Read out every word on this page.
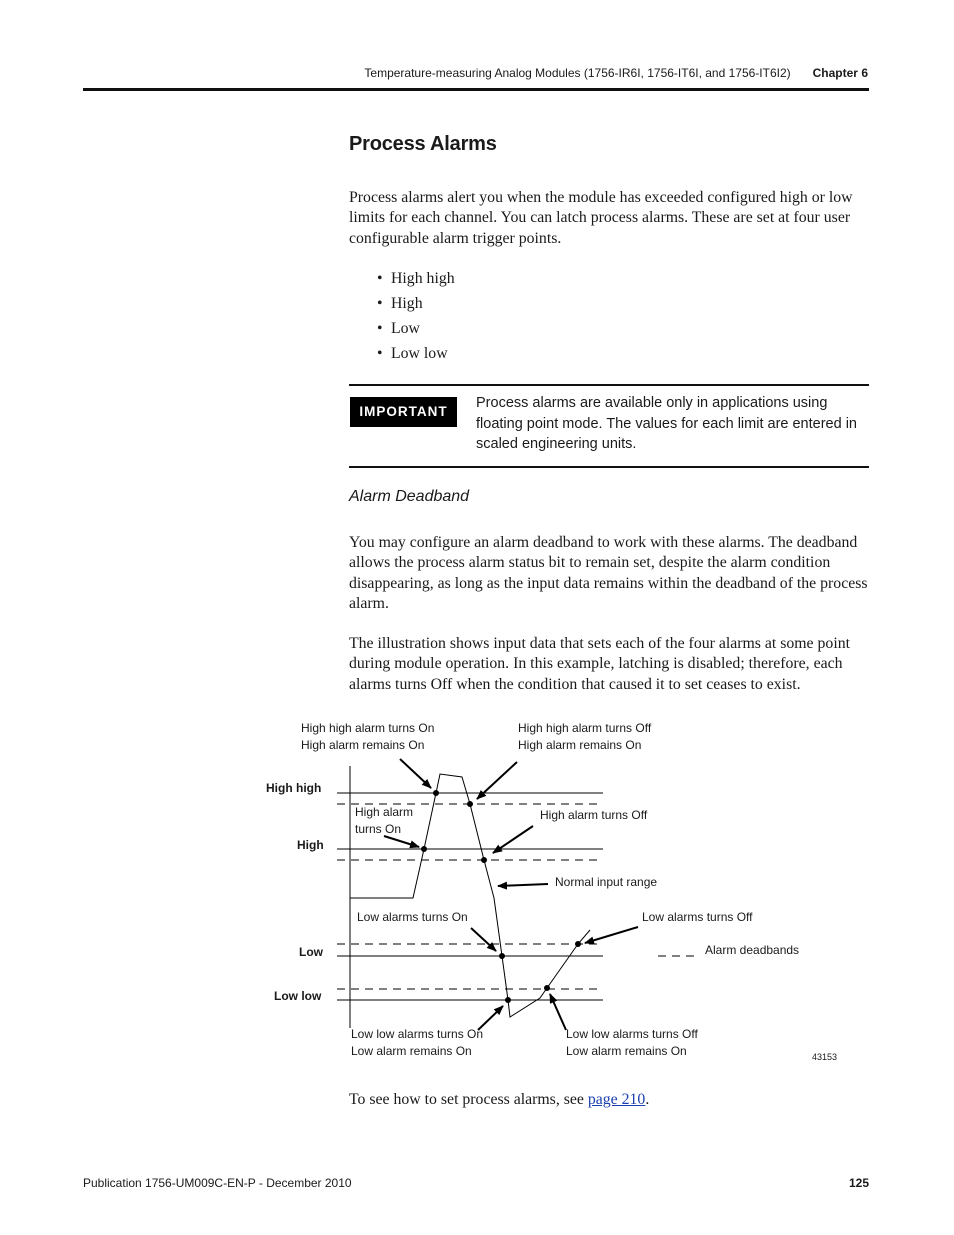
Temperature-measuring Analog Modules (1756-IR6I, 1756-IT6I, and 1756-IT6I2) Chapter 6
Process Alarms
Process alarms alert you when the module has exceeded configured high or low limits for each channel. You can latch process alarms. These are set at four user configurable alarm trigger points.
• High high
• High
• Low
• Low low
IMPORTANT
Process alarms are available only in applications using floating point mode. The values for each limit are entered in scaled engineering units.
Alarm Deadband
You may configure an alarm deadband to work with these alarms. The deadband allows the process alarm status bit to remain set, despite the alarm condition disappearing, as long as the input data remains within the deadband of the process alarm.
The illustration shows input data that sets each of the four alarms at some point during module operation. In this example, latching is disabled; therefore, each alarms turns Off when the condition that caused it to set ceases to exist.
High high
High
Low
Low low
High high alarm turns On
High alarm remains On
High high alarm turns Off
High alarm remains On
High alarm
turns On
High alarm turns Off
Normal input range
Low alarms turns On	Low alarms turns Off
Alarm deadbands
Low low alarms turns On
Low alarm remains On
Low low alarms turns Off
Low alarm remains On	43153
To see how to set process alarms, see page 210.
Publication 1756-UM009C-EN-P - December 2010	125
